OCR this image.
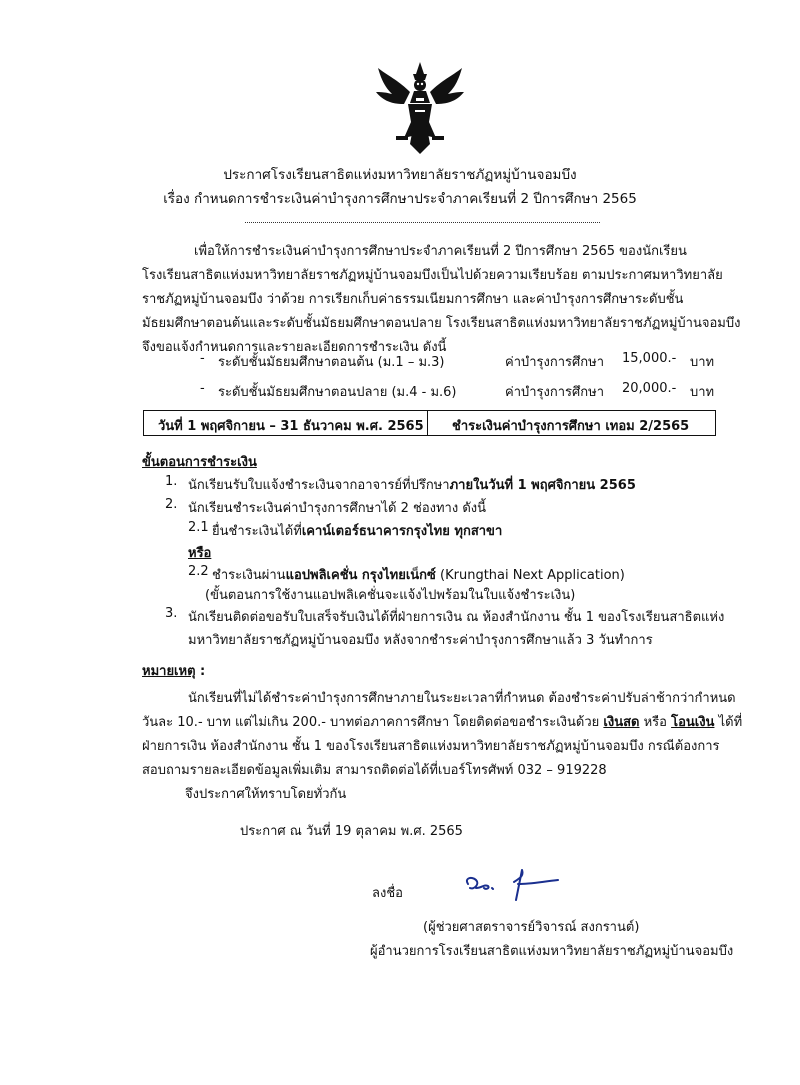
ประกาศโรงเรียนสาธิตแห่งมหาวิทยาลัยราชภัฏหมู่บ้านจอมบึง
เรื่อง กำหนดการชำระเงินค่าบำรุงการศึกษาประจำภาคเรียนที่ 2 ปีการศึกษา 2565
เพื่อให้การชำระเงินค่าบำรุงการศึกษาประจำภาคเรียนที่ 2 ปีการศึกษา 2565 ของนักเรียน
โรงเรียนสาธิตแห่งมหาวิทยาลัยราชภัฏหมู่บ้านจอมบึงเป็นไปด้วยความเรียบร้อย ตามประกาศมหาวิทยาลัย
ราชภัฏหมู่บ้านจอมบึง ว่าด้วย การเรียกเก็บค่าธรรมเนียมการศึกษา และค่าบำรุงการศึกษาระดับชั้น
มัธยมศึกษาตอนต้นและระดับชั้นมัธยมศึกษาตอนปลาย โรงเรียนสาธิตแห่งมหาวิทยาลัยราชภัฏหมู่บ้านจอมบึง
จึงขอแจ้งกำหนดการและรายละเอียดการชำระเงิน ดังนี้
- ระดับชั้นมัธยมศึกษาตอนต้น (ม.1 – ม.3)	ค่าบำรุงการศึกษา 15,000.- บาท
- ระดับชั้นมัธยมศึกษาตอนปลาย (ม.4 - ม.6)	ค่าบำรุงการศึกษา 20,000.- บาท
วันที่ 1 พฤศจิกายน – 31 ธันวาคม พ.ศ. 2565 ชำระเงินค่าบำรุงการศึกษา เทอม 2/2565
ขั้นตอนการชำระเงิน
1. นักเรียนรับใบแจ้งชำระเงินจากอาจารย์ที่ปรึกษาภายในวันที่ 1 พฤศจิกายน 2565
2. นักเรียนชำระเงินค่าบำรุงการศึกษาได้ 2 ช่องทาง ดังนี้
2.1 ยื่นชำระเงินได้ที่เคาน์เตอร์ธนาคารกรุงไทย ทุกสาขา
หรือ
2.2 ชำระเงินผ่านแอปพลิเคชั่น กรุงไทยเน็กซ์ (Krungthai Next Application)
(ขั้นตอนการใช้งานแอปพลิเคชั่นจะแจ้งไปพร้อมในใบแจ้งชำระเงิน)
3. นักเรียนติดต่อขอรับใบเสร็จรับเงินได้ที่ฝ่ายการเงิน ณ ห้องสำนักงาน ชั้น 1 ของโรงเรียนสาธิตแห่ง
มหาวิทยาลัยราชภัฏหมู่บ้านจอมบึง หลังจากชำระค่าบำรุงการศึกษาแล้ว 3 วันทำการ
หมายเหตุ :
นักเรียนที่ไม่ได้ชำระค่าบำรุงการศึกษาภายในระยะเวลาที่กำหนด ต้องชำระค่าปรับล่าช้ากว่ากำหนด
วันละ 10.- บาท แต่ไม่เกิน 200.- บาทต่อภาคการศึกษา โดยติดต่อขอชำระเงินด้วย เงินสด หรือ โอนเงิน ได้ที่
ฝ่ายการเงิน ห้องสำนักงาน ชั้น 1 ของโรงเรียนสาธิตแห่งมหาวิทยาลัยราชภัฏหมู่บ้านจอมบึง กรณีต้องการ
สอบถามรายละเอียดข้อมูลเพิ่มเติม สามารถติดต่อได้ที่เบอร์โทรศัพท์ 032 – 919228
จึงประกาศให้ทราบโดยทั่วกัน
ประกาศ ณ วันที่ 19 ตุลาคม พ.ศ. 2565
ลงชื่อ
(ผู้ช่วยศาสตราจารย์วิจารณ์ สงกรานต์)
ผู้อำนวยการโรงเรียนสาธิตแห่งมหาวิทยาลัยราชภัฏหมู่บ้านจอมบึง
